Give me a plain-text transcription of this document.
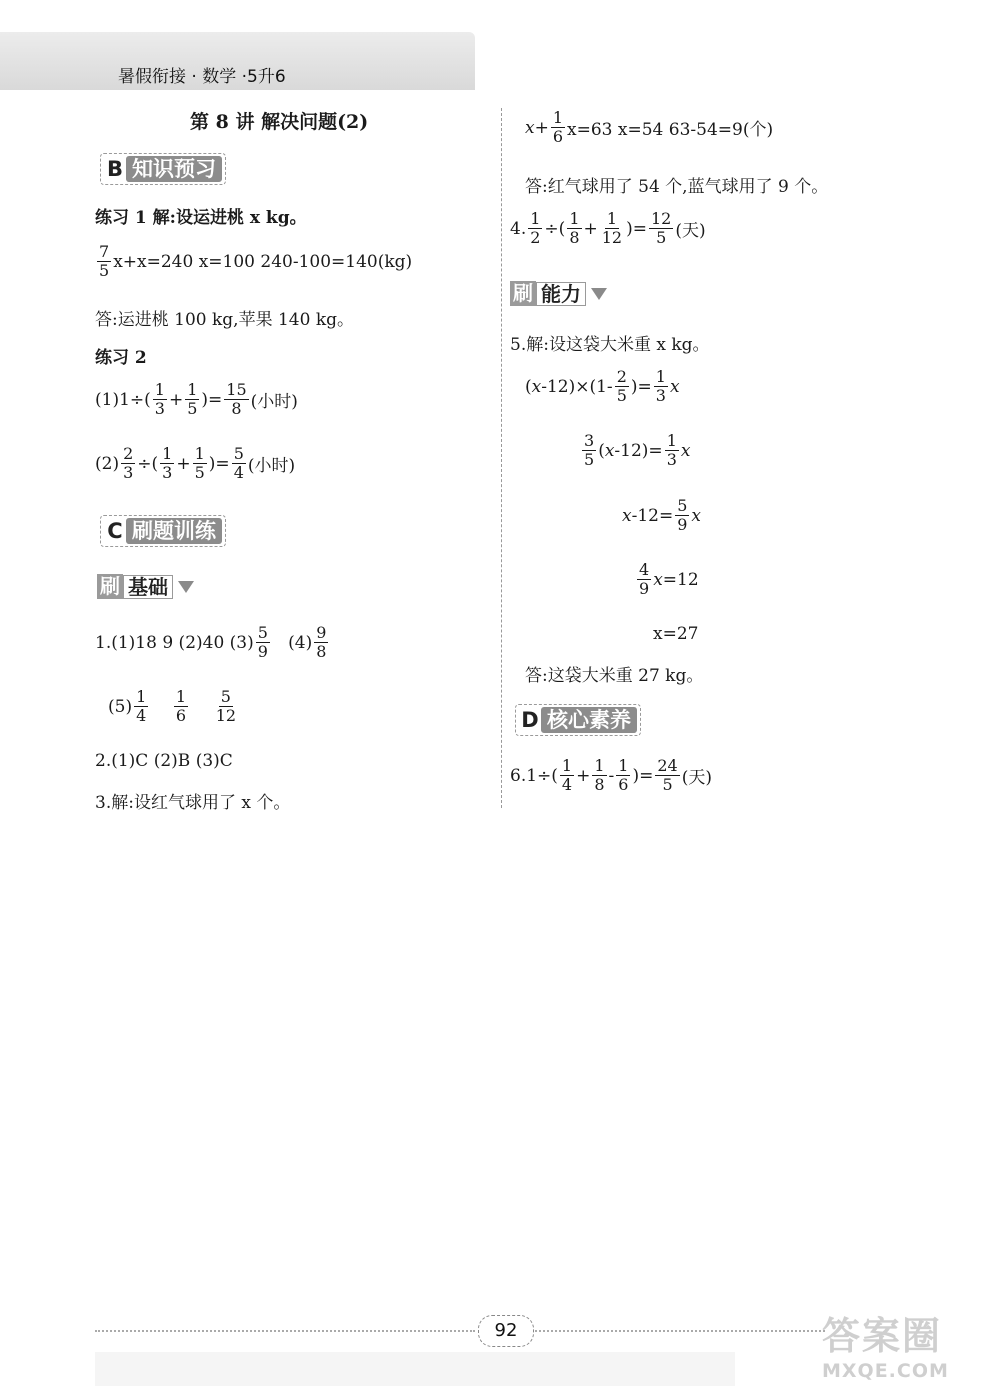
暑假衔接 · 数学 ·5升6
第 8 讲 解决问题(2)
B 知识预习
练习 1 解:设运进桃 x kg。
7
5 x+x=240 x=100 240-100=140(kg)
答:运进桃 100 kg,苹果 140 kg。
练习 2
(1)1÷( 1
3 + 1
5 )= 15
8 (小时)
(2) 2
3 ÷( 1
3 + 1
5 )= 5
4 (小时)
C 刷题训练
刷 基础
1.(1)18 9 (2)40 (3) 5
9
(4) 9
8
(5) 1
4

1
6

5
12
2.(1)C (2)B (3)C
3.解:设红气球用了 x 个。
x + 1
6 x=63 x=54 63-54=9(个)
答:红气球用了 54 个,蓝气球用了 9 个。
4. 1
2 ÷( 1
8 + 1
12 )= 12
5 (天)
刷 能力
5.解:设这袋大米重 x kg。
( x -12)×(1- 2
5 )= 1
3 x
3
5 ( x -12)= 1
3 x
x -12= 5
9 x
4
9 x =12
x=27
答:这袋大米重 27 kg。
D 核心素养
6.1÷( 1
4 + 1
8 - 1
6 )= 24
5 (天)
92	答案圈
MXQE.COM
